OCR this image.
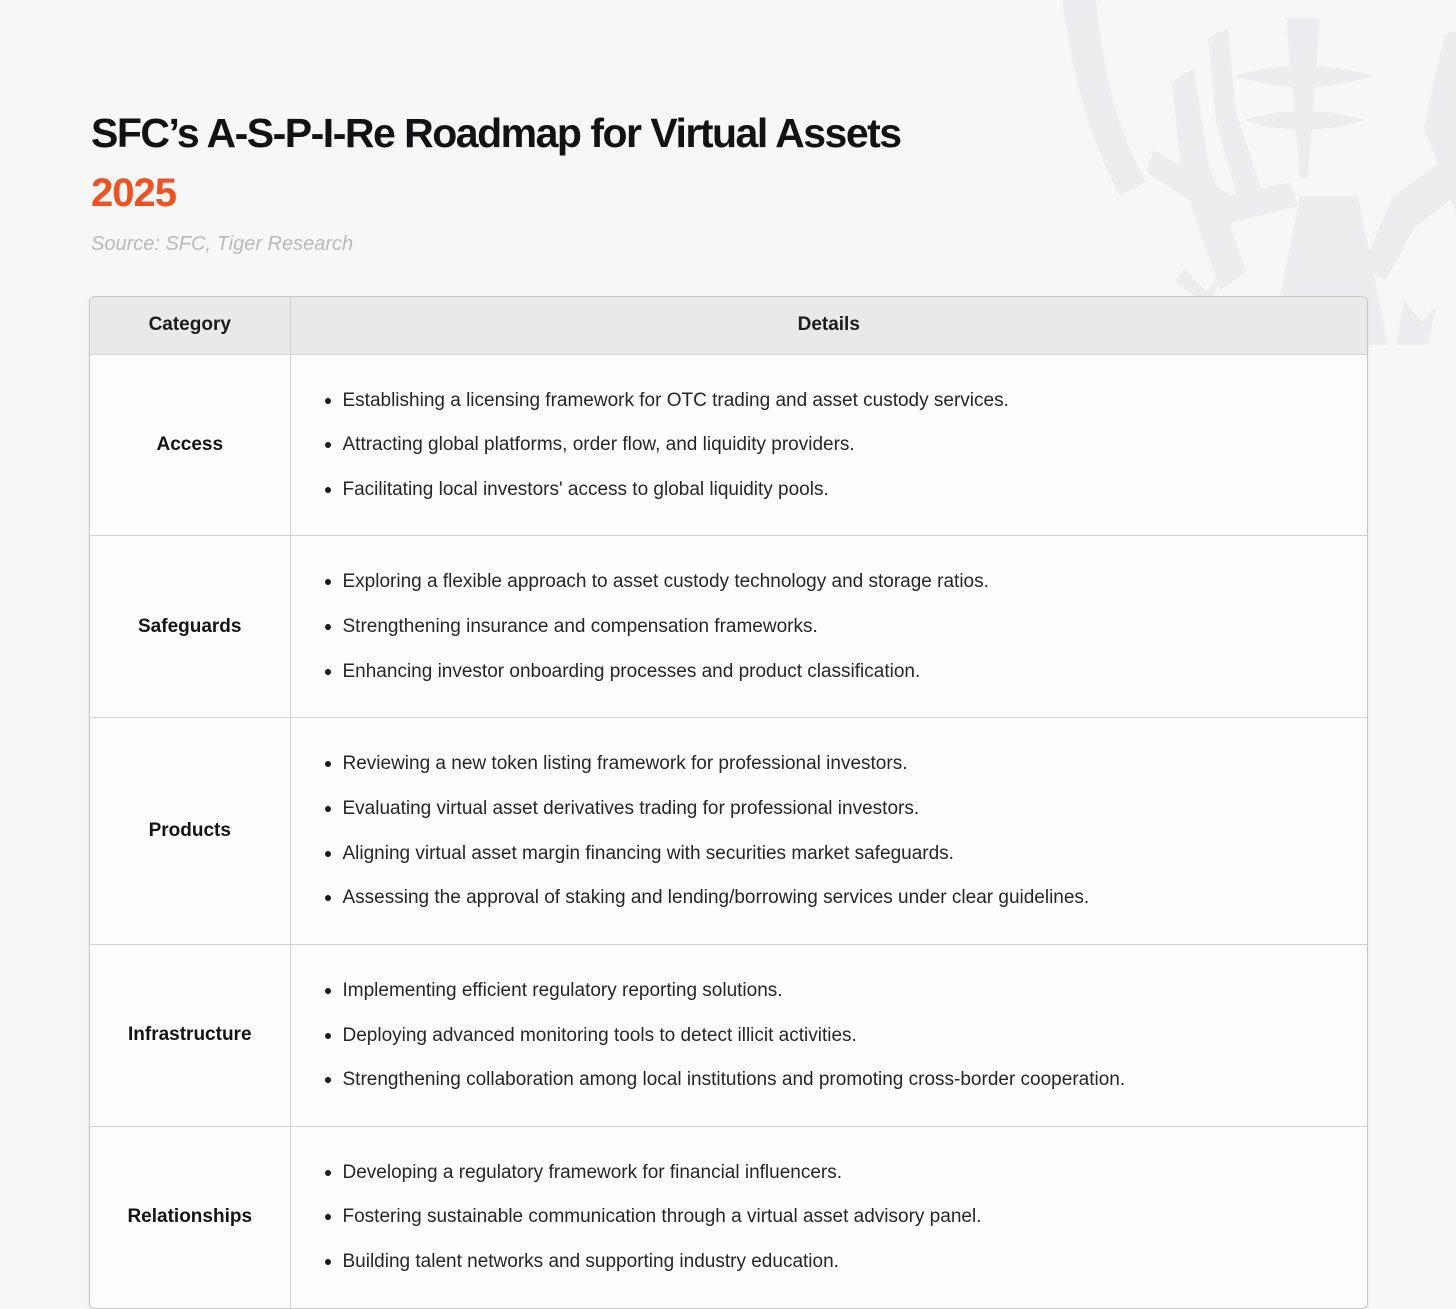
SFC’s A-S-P-I-Re Roadmap for Virtual Assets
2025
Source: SFC, Tiger Research
Category	Details
Access	
Establishing a licensing framework for OTC trading and asset custody services.
Attracting global platforms, order flow, and liquidity providers.
Facilitating local investors' access to global liquidity pools.

Safeguards	
Exploring a flexible approach to asset custody technology and storage ratios.
Strengthening insurance and compensation frameworks.
Enhancing investor onboarding processes and product classification.

Products	
Reviewing a new token listing framework for professional investors.
Evaluating virtual asset derivatives trading for professional investors.
Aligning virtual asset margin financing with securities market safeguards.
Assessing the approval of staking and lending/borrowing services under clear guidelines.

Infrastructure	
Implementing efficient regulatory reporting solutions.
Deploying advanced monitoring tools to detect illicit activities.
Strengthening collaboration among local institutions and promoting cross-border cooperation.

Relationships	
Developing a regulatory framework for financial influencers.
Fostering sustainable communication through a virtual asset advisory panel.
Building talent networks and supporting industry education.
